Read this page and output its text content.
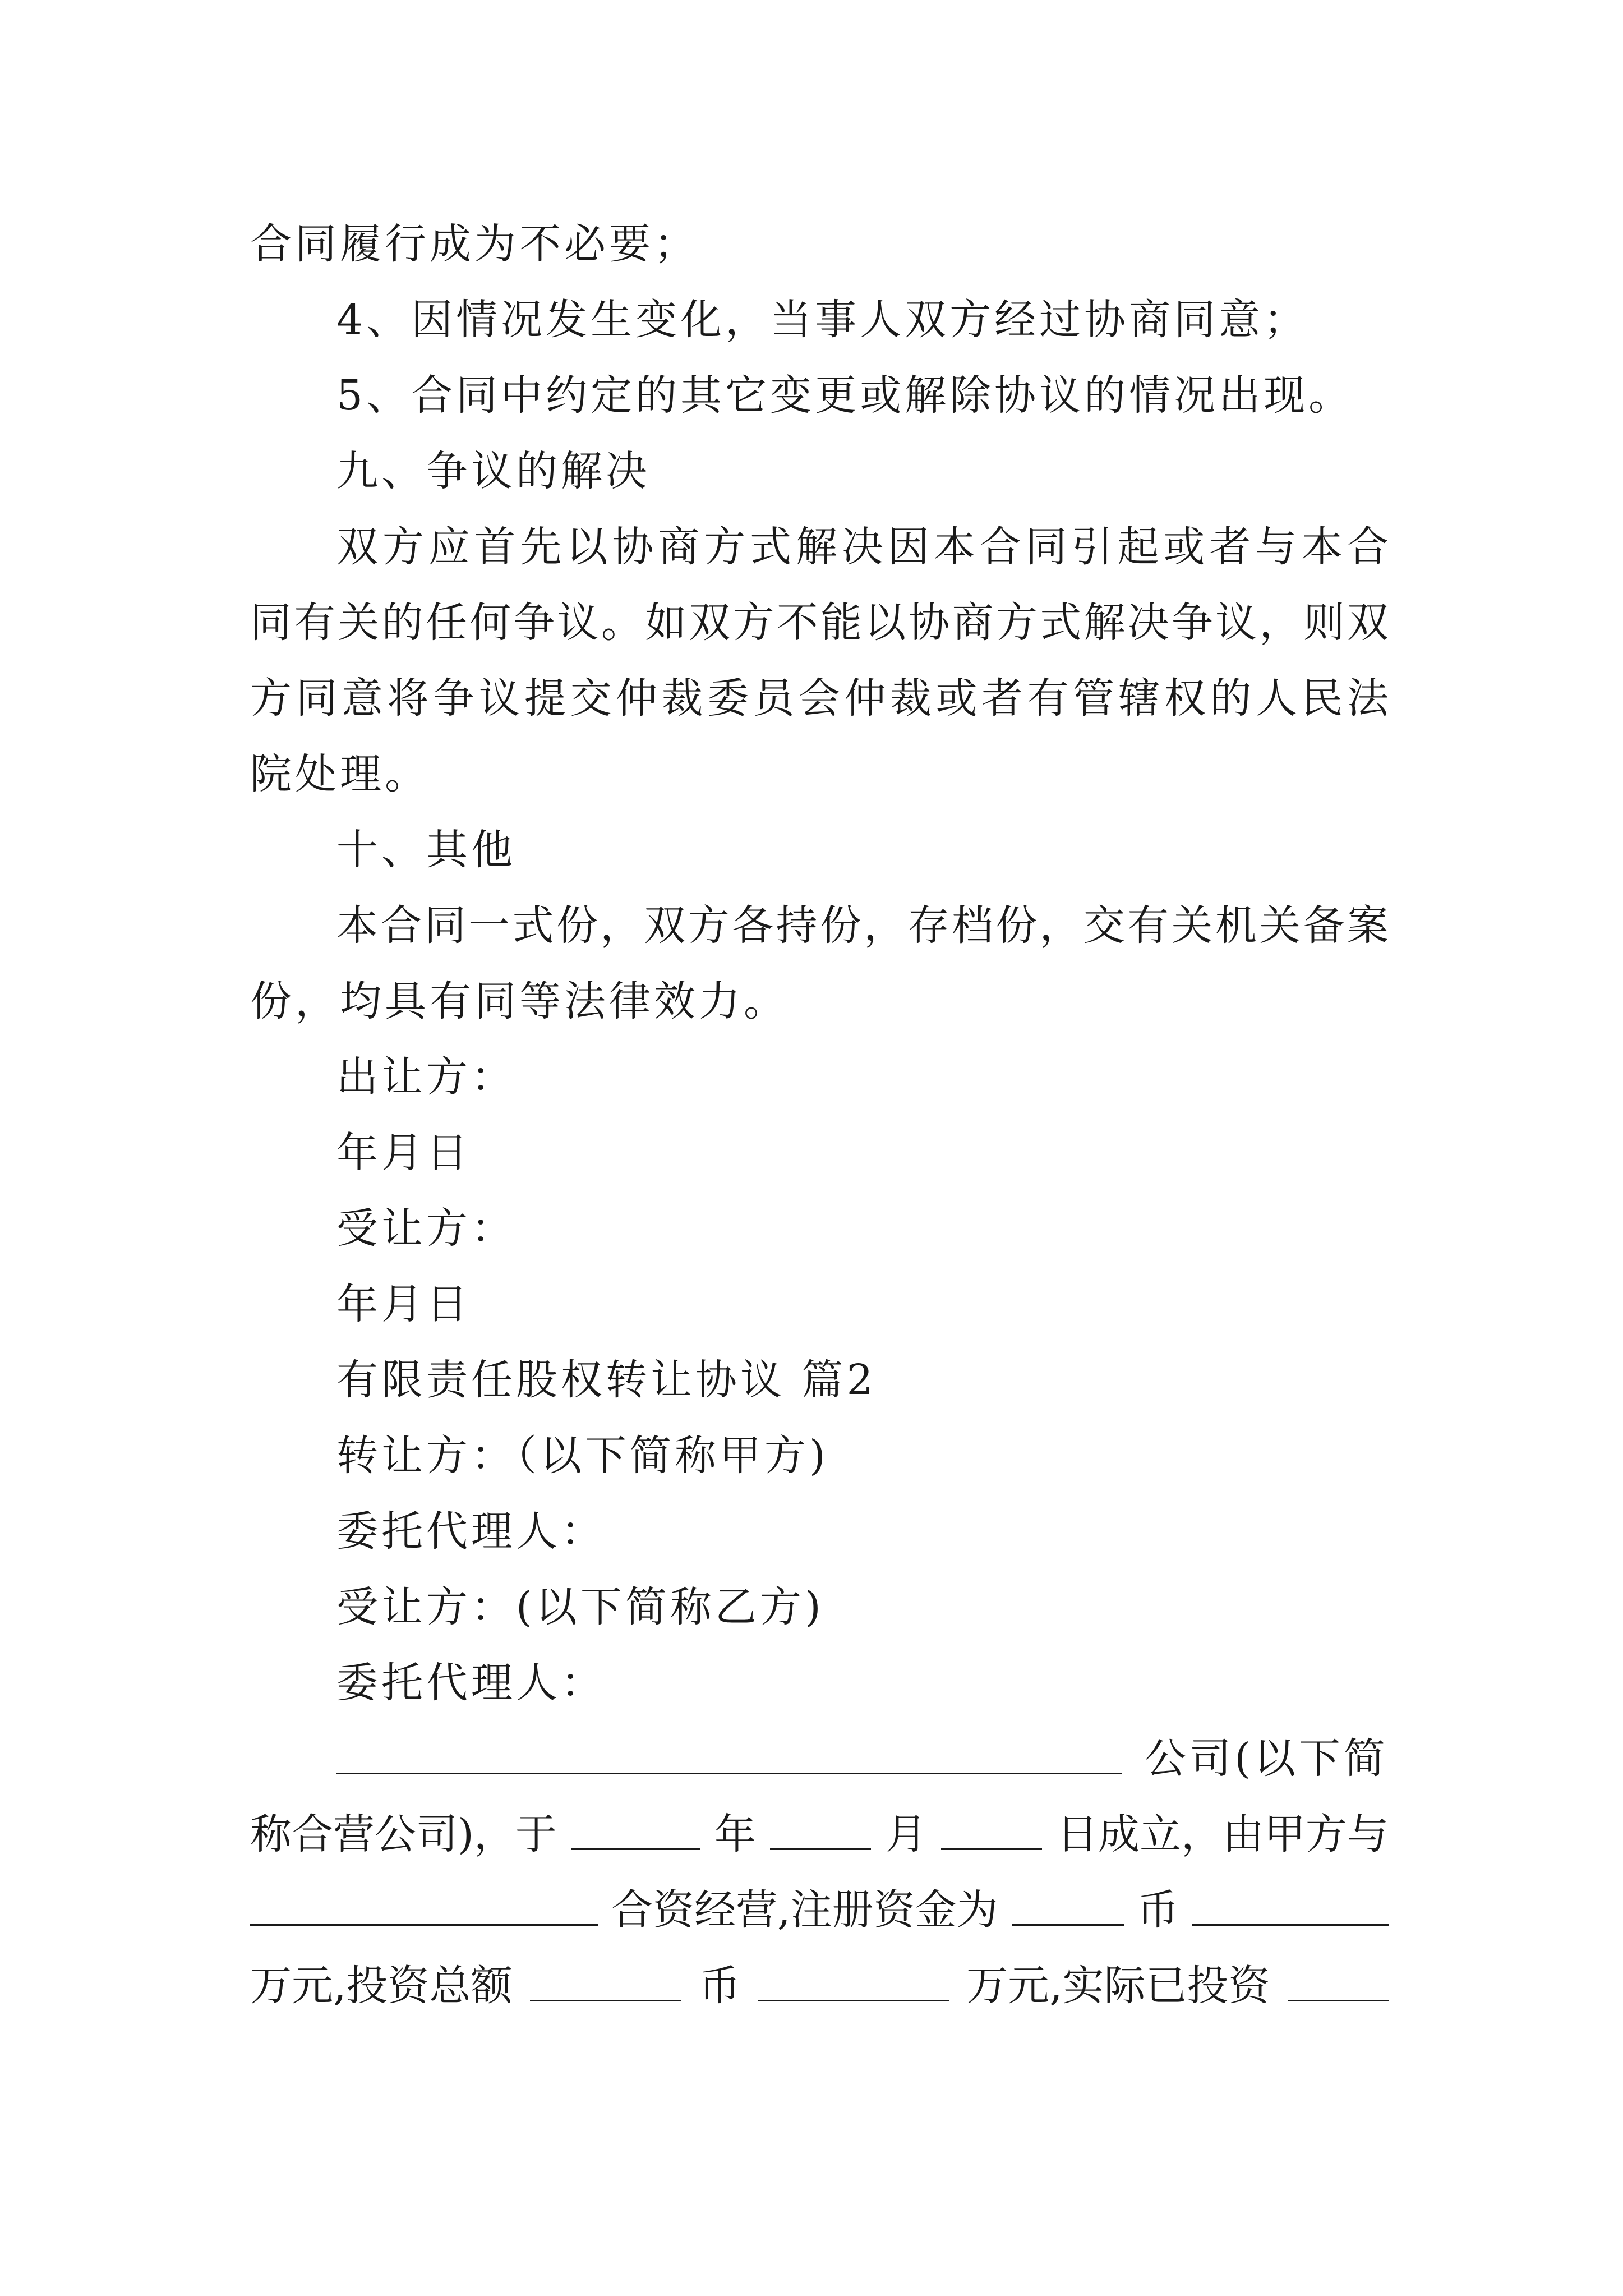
合同履行成为不必要；
4、因情况发生变化，当事人双方经过协商同意；
5、合同中约定的其它变更或解除协议的情况出现。
九、争议的解决
双 方 应 首 先 以 协 商 方 式 解 决 因 本 合 同 引 起 或 者 与 本 合
同 有 关 的 任 何 争 议 。 如 双 方 不 能 以 协 商 方 式 解 决 争 议 ， 则 双
方 同 意 将 争 议 提 交 仲 裁 委 员 会 仲 裁 或 者 有 管 辖 权 的 人 民 法
院处理。
十、其他
本 合 同 一 式 份 ， 双 方 各 持 份 ， 存 档 份 ， 交 有 关 机 关 备 案
份，均具有同等法律效力。
出让方：
年月日
受让方：
年月日
有限责任股权转让协议 篇2
转让方：（以下简称甲方)
委托代理人：
受让方：(以下简称乙方)
委托代理人：
公司(以下简
称合营公司)，于	年	月	日成立，由甲方与
合资经营,注册资金为	币
万元,投资总额	币	万元,实际已投资
